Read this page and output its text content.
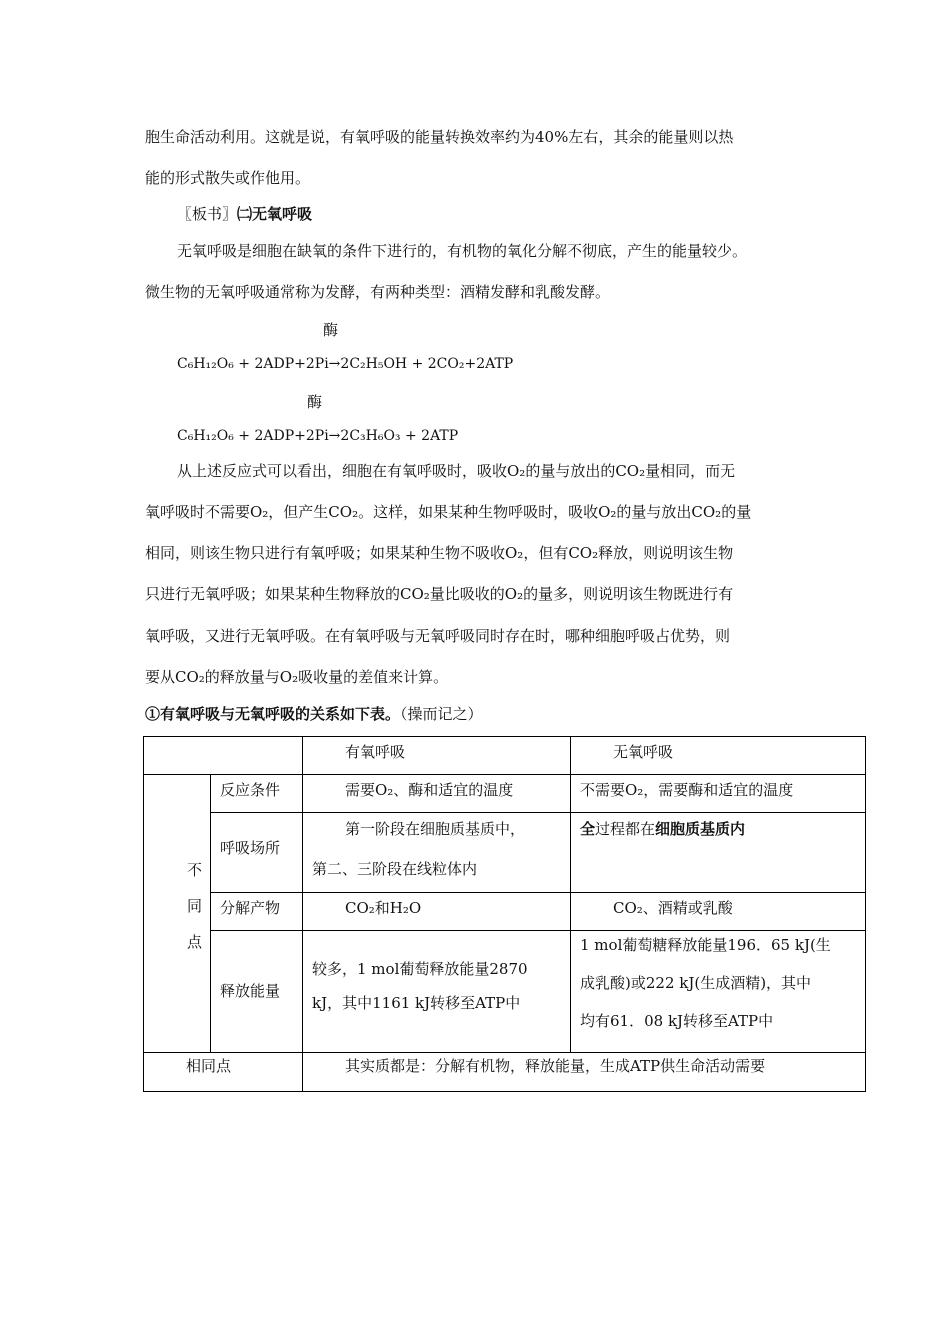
胞生命活动利用。这就是说，有氧呼吸的能量转换效率约为40%左右，其余的能量则以热
能的形式散失或作他用。
〖板书〗㈡无氧呼吸
无氧呼吸是细胞在缺氧的条件下进行的，有机物的氧化分解不彻底，产生的能量较少。
微生物的无氧呼吸通常称为发酵，有两种类型：酒精发酵和乳酸发酵。
酶
C₆H₁₂O₆ + 2ADP+2Pi→2C₂H₅OH + 2CO₂+2ATP
酶
C₆H₁₂O₆ + 2ADP+2Pi→2C₃H₆O₃ + 2ATP
从上述反应式可以看出，细胞在有氧呼吸时，吸收O₂的量与放出的CO₂量相同，而无
氧呼吸时不需要O₂，但产生CO₂。这样，如果某种生物呼吸时，吸收O₂的量与放出CO₂的量
相同，则该生物只进行有氧呼吸；如果某种生物不吸收O₂，但有CO₂释放，则说明该生物
只进行无氧呼吸；如果某种生物释放的CO₂量比吸收的O₂的量多，则说明该生物既进行有
氧呼吸，又进行无氧呼吸。在有氧呼吸与无氧呼吸同时存在时，哪种细胞呼吸占优势，则
要从CO₂的释放量与O₂吸收量的差值来计算。
①有氧呼吸与无氧呼吸的关系如下表。（操而记之）

		有氧呼吸	无氧呼吸

不
同
点	反应条件	需要O₂、酶和适宜的温度	不需要O₂，需要酶和适宜的温度

	呼吸场所	第一阶段在细胞质基质中，
第二、三阶段在线粒体内	全过程都在细胞质基质内

	分解产物	CO₂和H₂O	CO₂、酒精或乳酸

	释放能量	较多，1 mol葡萄释放能量2870
kJ，其中1161 kJ转移至ATP中	1 mol葡萄糖释放能量196．65 kJ(生
成乳酸)或222 kJ(生成酒精)，其中
均有61．08 kJ转移至ATP中

相同点		其实质都是：分解有机物，释放能量，生成ATP供生命活动需要	
